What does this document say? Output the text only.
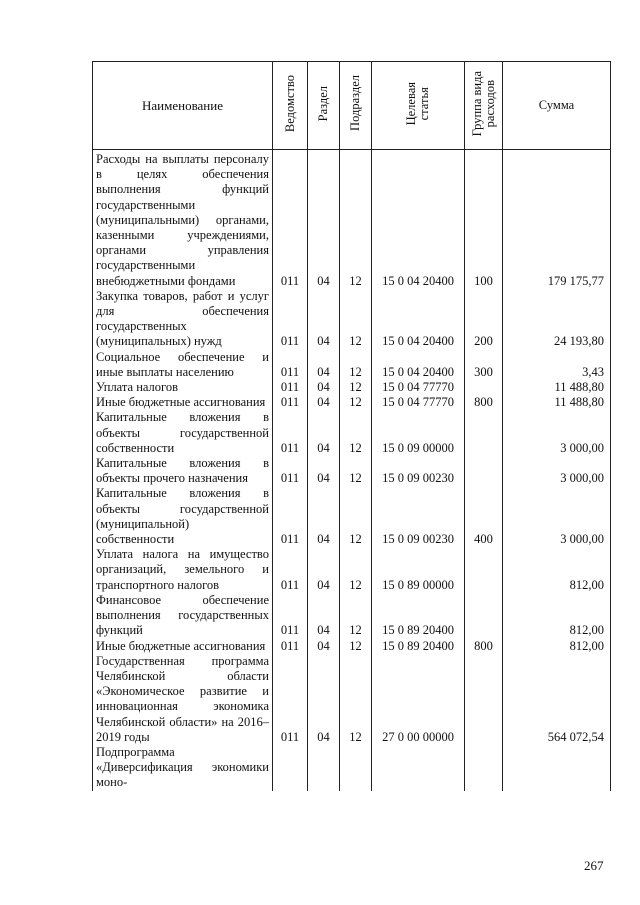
Наименование	Ведомство	Раздел	Подраздел	Целевая статья	Группа вида расходов	Сумма
Расходы на выплаты персоналу в целях обеспечения выполнения функций государственными (муниципальными) органами, казенными учреждениями, органами управления государственными внебюджетными фондами	011	04	12	15 0 04 20400	100	179 175,77
Закупка товаров, работ и услуг для обеспечения государственных (муниципальных) нужд	011	04	12	15 0 04 20400	200	24 193,80
Социальное обеспечение и иные выплаты населению	011	04	12	15 0 04 20400	300	3,43
Уплата налогов	011	04	12	15 0 04 77770		11 488,80
Иные бюджетные ассигнования	011	04	12	15 0 04 77770	800	11 488,80
Капитальные вложения в объекты государственной собственности	011	04	12	15 0 09 00000		3 000,00
Капитальные вложения в объекты прочего назначения	011	04	12	15 0 09 00230		3 000,00
Капитальные вложения в объекты государственной (муниципальной) собственности	011	04	12	15 0 09 00230	400	3 000,00
Уплата налога на имущество организаций, земельного и транспортного налогов	011	04	12	15 0 89 00000		812,00
Финансовое обеспечение выполнения государственных функций	011	04	12	15 0 89 20400		812,00
Иные бюджетные ассигнования	011	04	12	15 0 89 20400	800	812,00
Государственная программа Челябинской области «Экономическое развитие и инновационная экономика Челябинской области» на 2016–2019 годы	011	04	12	27 0 00 00000		564 072,54
Подпрограмма «Диверсификация экономики моно-						
267
